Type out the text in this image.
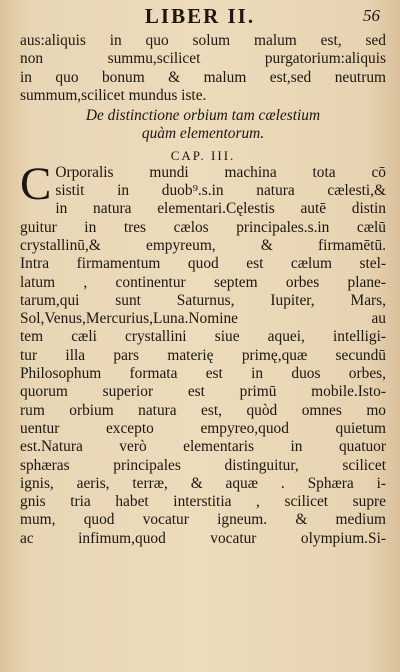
LIBER II.	56
aus:aliquis in quo solum malum est, sed
non summu,scilicet purgatorium:aliquis
in quo bonum & malum est,sed neutrum
summum,scilicet mundus iste.
De distinctione orbium tam cælestium
quàm elementorum.
CAP. III.
C Orporalis mundi machina tota cō
sistit in duob⁹.s.in natura cælesti,&
in natura elementari.Cęlestis autē distin
guitur in tres cælos principales.s.in cælū
crystallinū,& empyreum, & firmamētū.
Intra firmamentum quod est cælum stel-
latum , continentur septem orbes plane-
tarum,qui sunt Saturnus, Iupiter, Mars,
Sol,Venus,Mercurius,Luna.Nomine au
tem cæli crystallini siue aquei, intelligi-
tur illa pars materię primę,quæ secundū
Philosophum formata est in duos orbes,
quorum superior est primū mobile.Isto-
rum orbium natura est, quòd omnes mo
uentur excepto empyreo,quod quietum
est.Natura verò elementaris in quatuor
sphæras principales distinguitur, scilicet
ignis, aeris, terræ, & aquæ . Sphæra i-
gnis tria habet interstitia , scilicet supre
mum, quod vocatur igneum. & medium
ac infimum,quod vocatur olympium.Si-
